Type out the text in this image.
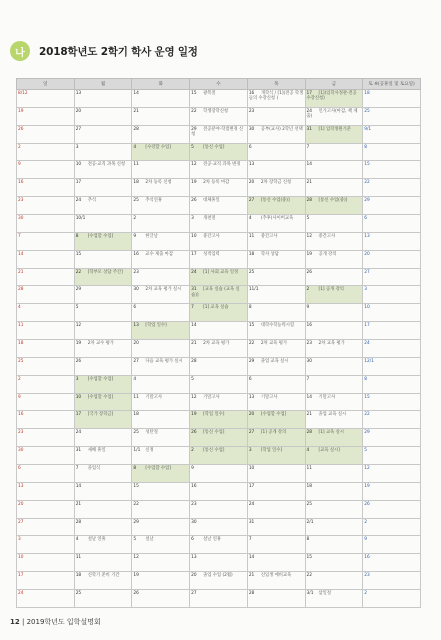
나	2018학년도 2학기 학사 운영 일정
일	월	화	수	목	금	토 ※(공휴일 및 토요일)
8/12	13	14	15 광복절	16 개학식 / [1](전공 학생들의 수강신청 )	17 [1](입학사정관·전공 수강신청)	18
19	20	21	22 학생장학신청	23	24 인가고사(마감, 책 제출)	25
26	27	28	29 전공분야·학점변경 신청	30 공부(교사) 2학년 선택	31 [1] 입학정원기준	9/1
2	3	4 [수강할 수업]	5 [통신 수업]	6	7	8
9	10 전공·교직 과목 신청	11	12 전공·교직 과목 변경	13	14	15
16	17	18 2차 등록 신청	19 2차 등록 마감	20 2차 장학금 신청	21	22
23	24 추석	25 추석연휴	26 대체휴일	27 [통신 수업(중)]	28 [통신 수업(중)]	29
30	10/1	2	3 개천절	4 (추후)사이버교육	5	6
7	8 [수업할 수업]	9 한글날	10 중간고사	11 중간고사	12 중간고사	13
14	15	16 교수 제출 마감	17 성적입력	18 학사 상담	19 공개 강의	20
21	22 [학부모 상담 주간]	23	24 [1] 사회 교육 일정	25	26	27
28	29	30 2차 교육 평가 실시	31 [교육 실습 (교육 실습)]	11/1	2 [1] 공개 강의	3
4	5	6	7 [1] 교육 실습	8	9	10
11	12	13 [학업 일수]	14	15 대학수학능력시험	16	17
18	19 2차 교수 평가	20	21 2차 교육 평가	22 2차 교육 평가	23 2차 교육 평가	24
25	26	27 다음 교육 평가 실시	28	29 졸업 교육 실시	30	12/1
2	3 [수업할 수업]	4	5	6	7	8
9	10 [수업할 수업]	11 기말고사	12 기말고사	13 기말고사	14 기말고사	15
16	17 [국가 장학금]	18	19 [학업 일수]	20 [수업할 수업]	21 졸업 교육 실시	22
23	24	25 성탄절	26 [통신 수업]	27 [1] 공개 강의	28 [1] 교육 실시	29
30	31 새해 휴일	1/1 신정	2 [통신 수업]	3 [학업 일수]	4 [교육 실시]	5
6	7 졸업식	8 [수업할 수업]	9	10	11	12
13	14	15	16	17	18	19
20	21	22	23	24	25	26
27	28	29	30	31	2/1	2
3	4 설날 연휴	5 설날	6 설날 연휴	7	8	9
10	11	12	13	14	15	16
17	18 신학기 준비 기간	19	20 졸업 수업 (2월)	21 신입생 예비교육	22	23
24	25	26	27	28	3/1 삼일절	2
12 | 2019학년도 입학설명회
